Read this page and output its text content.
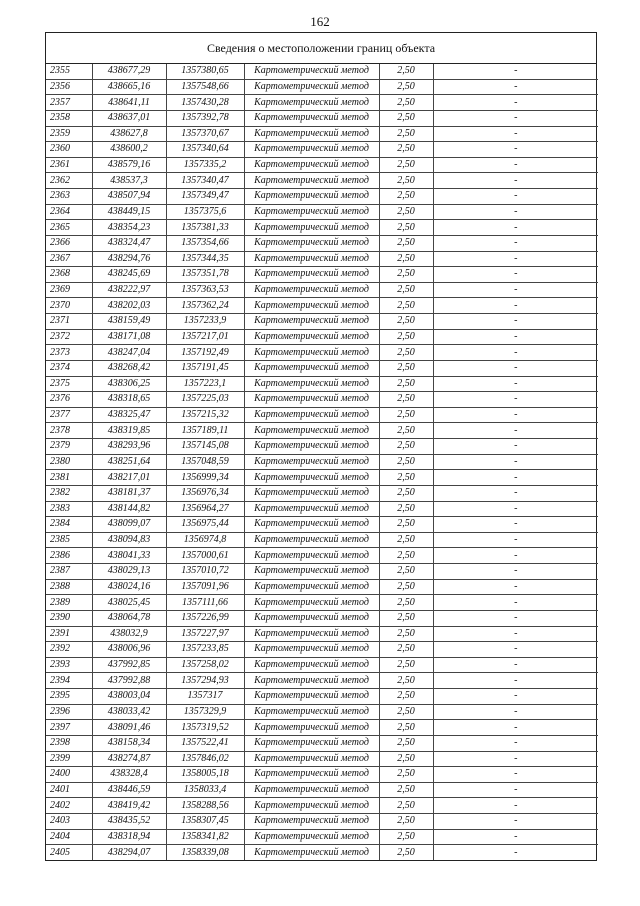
162
Сведения о местоположении границ объекта
2355	438677,29	1357380,65	Картометрический метод	2,50	-
2356	438665,16	1357548,66	Картометрический метод	2,50	-
2357	438641,11	1357430,28	Картометрический метод	2,50	-
2358	438637,01	1357392,78	Картометрический метод	2,50	-
2359	438627,8	1357370,67	Картометрический метод	2,50	-
2360	438600,2	1357340,64	Картометрический метод	2,50	-
2361	438579,16	1357335,2	Картометрический метод	2,50	-
2362	438537,3	1357340,47	Картометрический метод	2,50	-
2363	438507,94	1357349,47	Картометрический метод	2,50	-
2364	438449,15	1357375,6	Картометрический метод	2,50	-
2365	438354,23	1357381,33	Картометрический метод	2,50	-
2366	438324,47	1357354,66	Картометрический метод	2,50	-
2367	438294,76	1357344,35	Картометрический метод	2,50	-
2368	438245,69	1357351,78	Картометрический метод	2,50	-
2369	438222,97	1357363,53	Картометрический метод	2,50	-
2370	438202,03	1357362,24	Картометрический метод	2,50	-
2371	438159,49	1357233,9	Картометрический метод	2,50	-
2372	438171,08	1357217,01	Картометрический метод	2,50	-
2373	438247,04	1357192,49	Картометрический метод	2,50	-
2374	438268,42	1357191,45	Картометрический метод	2,50	-
2375	438306,25	1357223,1	Картометрический метод	2,50	-
2376	438318,65	1357225,03	Картометрический метод	2,50	-
2377	438325,47	1357215,32	Картометрический метод	2,50	-
2378	438319,85	1357189,11	Картометрический метод	2,50	-
2379	438293,96	1357145,08	Картометрический метод	2,50	-
2380	438251,64	1357048,59	Картометрический метод	2,50	-
2381	438217,01	1356999,34	Картометрический метод	2,50	-
2382	438181,37	1356976,34	Картометрический метод	2,50	-
2383	438144,82	1356964,27	Картометрический метод	2,50	-
2384	438099,07	1356975,44	Картометрический метод	2,50	-
2385	438094,83	1356974,8	Картометрический метод	2,50	-
2386	438041,33	1357000,61	Картометрический метод	2,50	-
2387	438029,13	1357010,72	Картометрический метод	2,50	-
2388	438024,16	1357091,96	Картометрический метод	2,50	-
2389	438025,45	1357111,66	Картометрический метод	2,50	-
2390	438064,78	1357226,99	Картометрический метод	2,50	-
2391	438032,9	1357227,97	Картометрический метод	2,50	-
2392	438006,96	1357233,85	Картометрический метод	2,50	-
2393	437992,85	1357258,02	Картометрический метод	2,50	-
2394	437992,88	1357294,93	Картометрический метод	2,50	-
2395	438003,04	1357317	Картометрический метод	2,50	-
2396	438033,42	1357329,9	Картометрический метод	2,50	-
2397	438091,46	1357319,52	Картометрический метод	2,50	-
2398	438158,34	1357522,41	Картометрический метод	2,50	-
2399	438274,87	1357846,02	Картометрический метод	2,50	-
2400	438328,4	1358005,18	Картометрический метод	2,50	-
2401	438446,59	1358033,4	Картометрический метод	2,50	-
2402	438419,42	1358288,56	Картометрический метод	2,50	-
2403	438435,52	1358307,45	Картометрический метод	2,50	-
2404	438318,94	1358341,82	Картометрический метод	2,50	-
2405	438294,07	1358339,08	Картометрический метод	2,50	-
